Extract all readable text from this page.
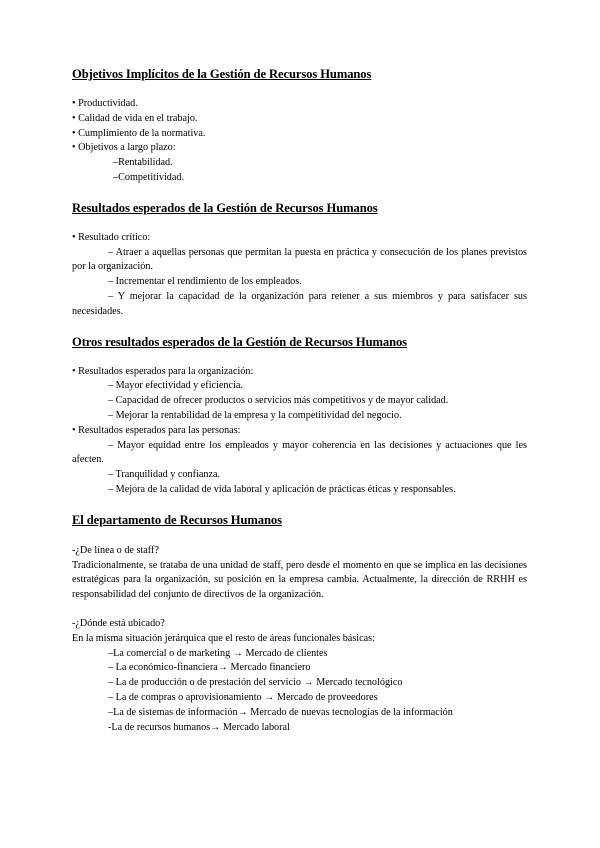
Objetivos Implícitos de la Gestión de Recursos Humanos

• Productividad.

• Calidad de vida en el trabajo.

• Cumplimiento de la normativa.

• Objetivos a largo plazo:

–Rentabilidad.

–Competitividad.

Resultados esperados de la Gestión de Recursos Humanos

• Resultado crítico:

– Atraer a aquellas personas que permitan la puesta en práctica y consecución de los planes previstos por la organización.

– Incrementar el rendimiento de los empleados.

– Y mejorar la capacidad de la organización para retener a sus miembros y para satisfacer sus necesidades.

Otros resultados esperados de la Gestión de Recursos Humanos

• Resultados esperados para la organización:

– Mayor efectividad y eficiencia.

– Capacidad de ofrecer productos o servicios más competitivos y de mayor calidad.

– Mejorar la rentabilidad de la empresa y la competitividad del negocio.

• Resultados esperados para las personas:

– Mayor equidad entre los empleados y mayor coherencia en las decisiones y actuaciones que les afecten.

– Tranquilidad y confianza.

– Mejora de la calidad de vida laboral y aplicación de prácticas éticas y responsables.

El departamento de Recursos Humanos

-¿De línea o de staff?

Tradicionalmente, se trataba de una unidad de staff, pero desde el momento en que se implica en las decisiones estratégicas para la organización, su posición en la empresa cambia. Actualmente, la dirección de RRHH es responsabilidad del conjunto de directivos de la organización.

-¿Dónde está ubicado?

En la misma situación jerárquica que el resto de áreas funcionales básicas:

–La comercial o de marketing → Mercado de clientes

– La económico-financiera→ Mercado financiero

– La de producción o de prestación del servicio → Mercado tecnológico

– La de compras o aprovisionamiento → Mercado de proveedores

–La de sistemas de información→ Mercado de nuevas tecnologías de la información

-La de recursos humanos→ Mercado laboral
